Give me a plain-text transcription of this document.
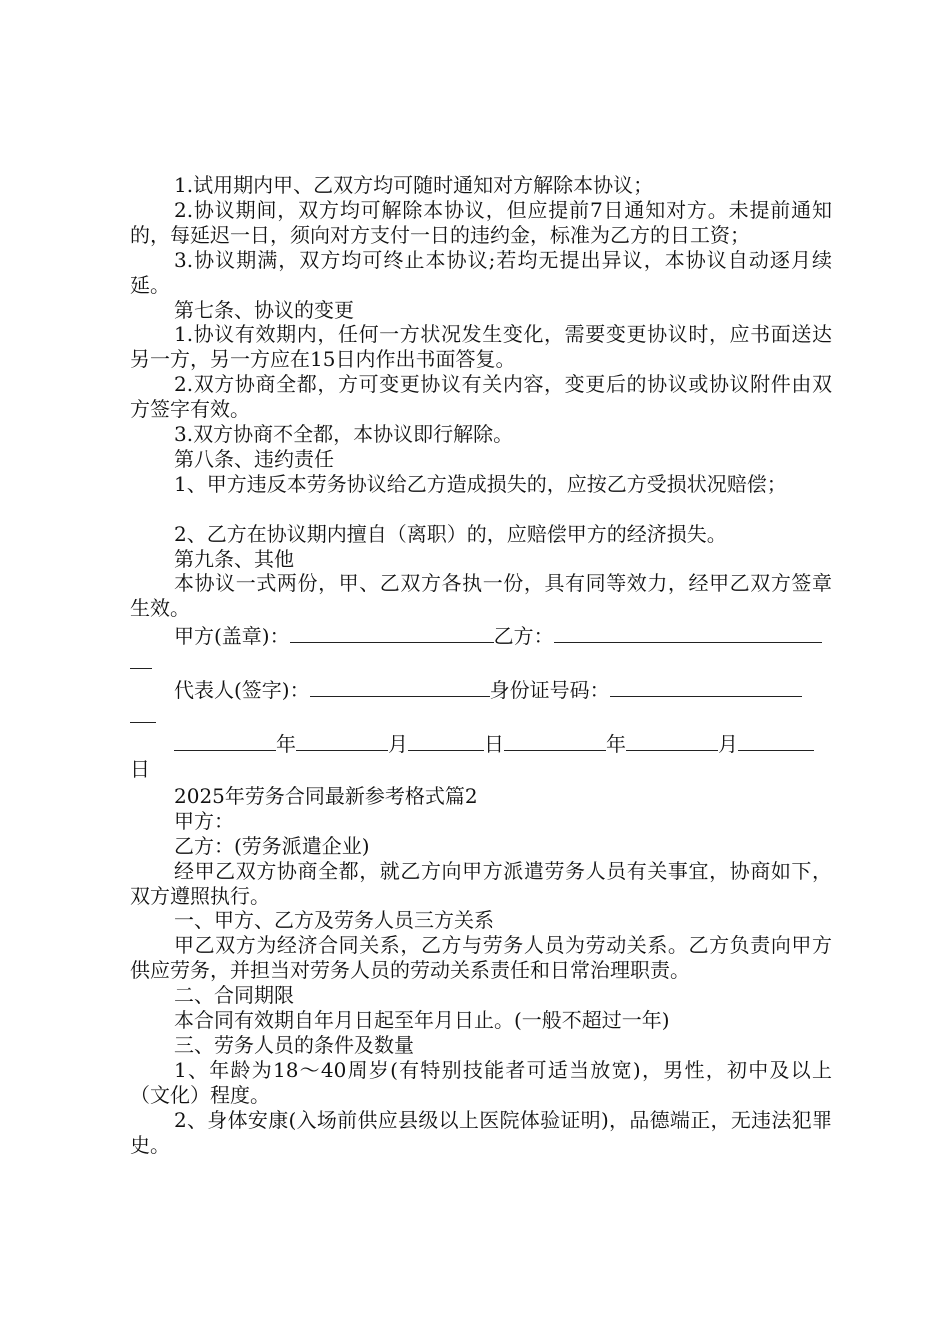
1.试用期内甲、乙双方均可随时通知对方解除本协议；

2.协议期间，双方均可解除本协议，但应提前7日通知对方。未提前通知的，每延迟一日，须向对方支付一日的违约金，标准为乙方的日工资；

3.协议期满，双方均可终止本协议;若均无提出异议，本协议自动逐月续延。

第七条、协议的变更

1.协议有效期内，任何一方状况发生变化，需要变更协议时，应书面送达另一方，另一方应在15日内作出书面答复。

2.双方协商全都，方可变更协议有关内容，变更后的协议或协议附件由双方签字有效。

3.双方协商不全都，本协议即行解除。

第八条、违约责任

1、甲方违反本劳务协议给乙方造成损失的，应按乙方受损状况赔偿；

2、乙方在协议期内擅自（离职）的，应赔偿甲方的经济损失。

第九条、其他

本协议一式两份，甲、乙双方各执一份，具有同等效力，经甲乙双方签章生效。

甲方(盖章)：	乙方：
代表人(签字)：	身份证号码：
年	月	日	年	月
日

2025年劳务合同最新参考格式篇2

甲方：

乙方：(劳务派遣企业)

经甲乙双方协商全都，就乙方向甲方派遣劳务人员有关事宜，协商如下，双方遵照执行。

一、甲方、乙方及劳务人员三方关系

甲乙双方为经济合同关系，乙方与劳务人员为劳动关系。乙方负责向甲方供应劳务，并担当对劳务人员的劳动关系责任和日常治理职责。

二、合同期限

本合同有效期自年月日起至年月日止。(一般不超过一年)

三、劳务人员的条件及数量

1、年龄为18～40周岁(有特别技能者可适当放宽)，男性，初中及以上（文化）程度。

2、身体安康(入场前供应县级以上医院体验证明)，品德端正，无违法犯罪史。
